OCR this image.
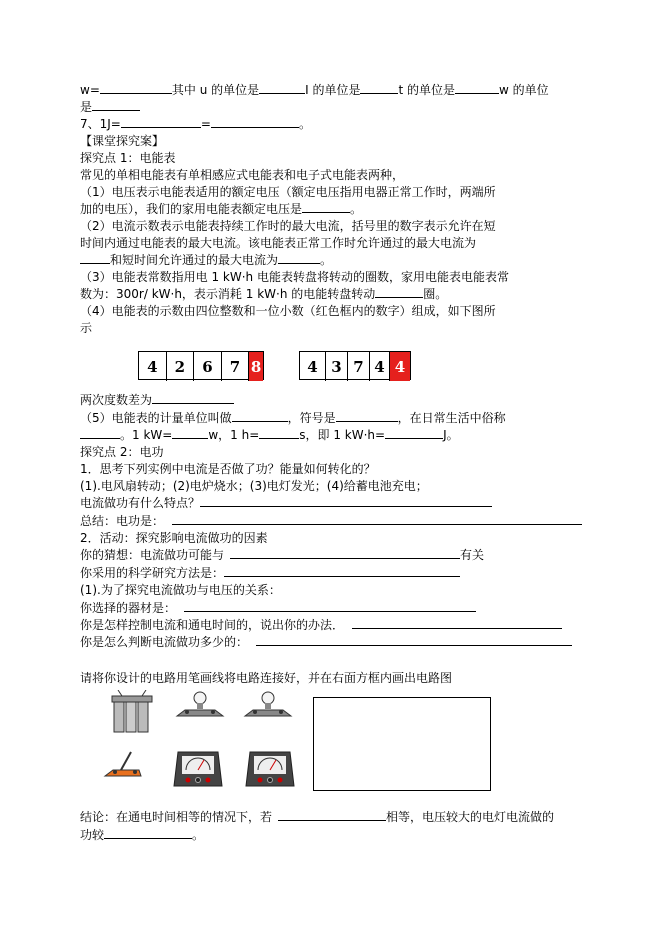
w=	其中 u 的单位是	I 的单位是	t 的单位是	w 的单位
是
7、1J=	=	。
【课堂探究案】
探究点 1：电能表
常见的单相电能表有单相感应式电能表和电子式电能表两种，
（1）电压表示电能表适用的额定电压（额定电压指用电器正常工作时，两端所
加的电压），我们的家用电能表额定电压是	。
（2）电流示数表示电能表持续工作时的最大电流，括号里的数字表示允许在短
时间内通过电能表的最大电流。该电能表正常工作时允许通过的最大电流为
和短时间允许通过的最大电流为	。
（3）电能表常数指用电 1 kW·h 电能表转盘将转动的圈数，家用电能表电能表常
数为：300r/ kW·h，表示消耗 1 kW·h 的电能转盘转动	圈。
（4）电能表的示数由四位整数和一位小数（红色框内的数字）组成，如下图所
示
4	2	6	7 8	4 3 7 4 4
两次度数差为
（5）电能表的计量单位叫做	，符号是	，在日常生活中俗称
。1 kW=	w，1 h=	s，即 1 kW·h=	J。
探究点 2：电功
1．思考下列实例中电流是否做了功？能量如何转化的？
(1).电风扇转动；(2)电炉烧水；(3)电灯发光；(4)给蓄电池充电；
电流做功有什么特点？
总结：电功是：
2．活动：探究影响电流做功的因素
你的猜想：电流做功可能与	有关
你采用的科学研究方法是：
(1).为了探究电流做功与电压的关系：
你选择的器材是：
你是怎样控制电流和通电时间的，说出你的办法．
你是怎么判断电流做功多少的：
请将你设计的电路用笔画线将电路连接好，并在右面方框内画出电路图
结论：在通电时间相等的情况下，若	相等，电压较大的电灯电流做的
功较	。
